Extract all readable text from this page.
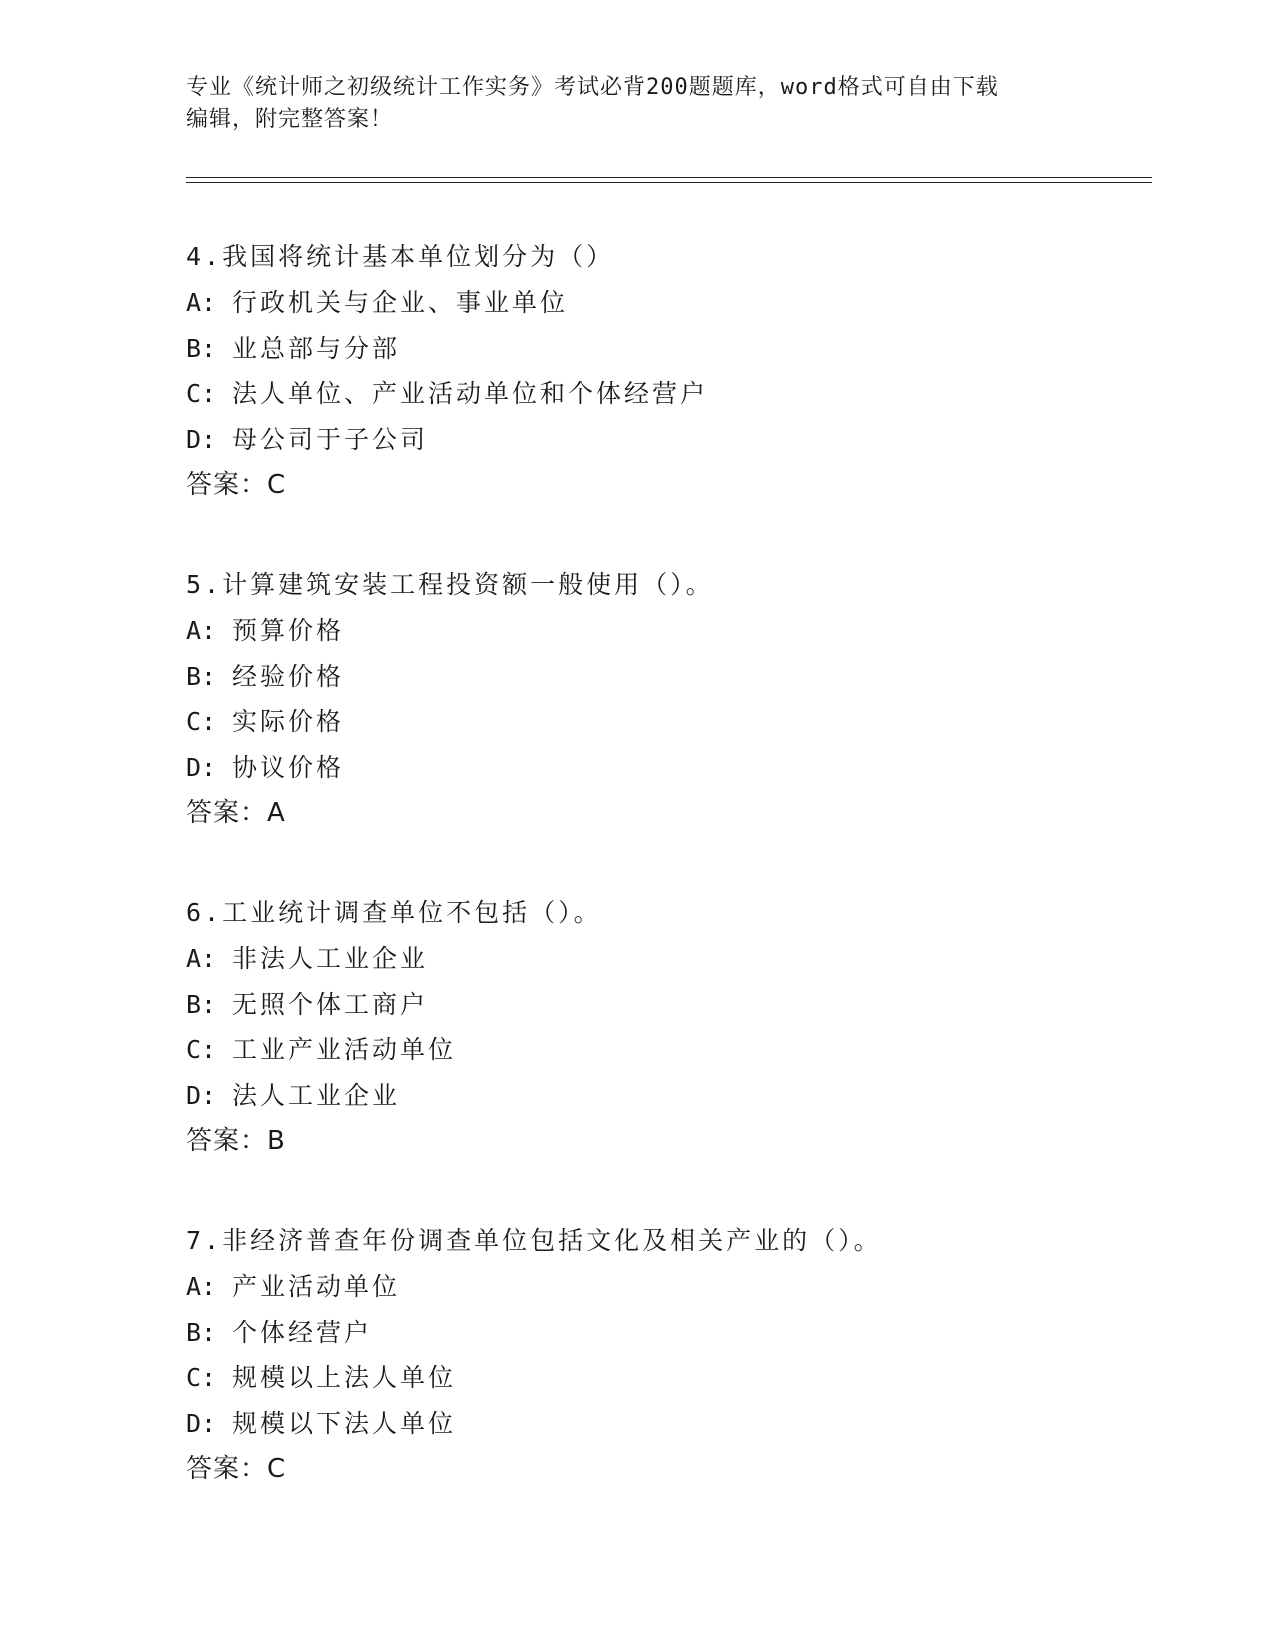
专业《统计师之初级统计工作实务》考试必背200题题库，word格式可自由下载
编辑，附完整答案！
4.我国将统计基本单位划分为（）
A: 行政机关与企业、事业单位
B: 业总部与分部
C: 法人单位、产业活动单位和个体经营户
D: 母公司于子公司
答案：C
5.计算建筑安装工程投资额一般使用（）。
A: 预算价格
B: 经验价格
C: 实际价格
D: 协议价格
答案：A
6.工业统计调查单位不包括（）。
A: 非法人工业企业
B: 无照个体工商户
C: 工业产业活动单位
D: 法人工业企业
答案：B
7.非经济普查年份调查单位包括文化及相关产业的（）。
A: 产业活动单位
B: 个体经营户
C: 规模以上法人单位
D: 规模以下法人单位
答案：C
